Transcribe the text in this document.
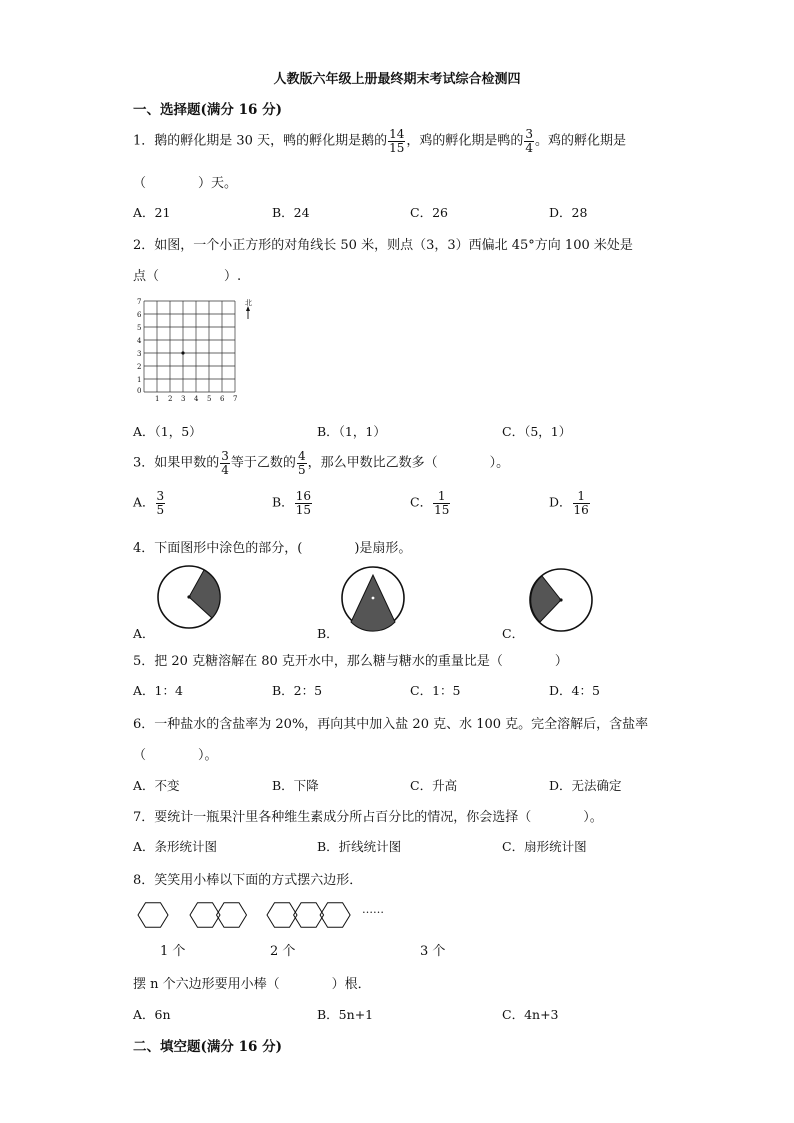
人教版六年级上册最终期末考试综合检测四
一、选择题(满分 16 分)
1．鹅的孵化期是 30 天，鸭的孵化期是鹅的 $\frac{14}{15}$ ，鸡的孵化期是鸭的 $\frac{3}{4}$ 。鸡的孵化期是
（　　　　）天。
A．21	B．24	C．26	D．28
2．如图，一个小正方形的对角线长 50 米，则点（3，3）西偏北 45°方向 100 米处是
点（　　　　　）.
0
1 2 3 4 5 6 7
1
2
3
4
5
6
7	北
A．（1，5）	B．（1，1）	C．（5，1）
3．如果甲数的 $\frac{3}{4}$ 等于乙数的 $\frac{4}{5}$ ，那么甲数比乙数多（　　　　）。
A． $\frac{3}{5}$	B． $\frac{16}{15}$	C． $\frac{1}{15}$	D． $\frac{1}{16}$
4．下面图形中涂色的部分，(　　　　)是扇形。
A．	B．	C．
5．把 20 克糖溶解在 80 克开水中，那么糖与糖水的重量比是（　　　　）
A．1：4	B．2：5	C．1：5	D．4：5
6．一种盐水的含盐率为 20%，再向其中加入盐 20 克、水 100 克。完全溶解后，含盐率
（　　　　）。
A．不变	B．下降	C．升高	D．无法确定
7．要统计一瓶果汁里各种维生素成分所占百分比的情况，你会选择（　　　　）。
A．条形统计图	B．折线统计图	C．扇形统计图
8．笑笑用小棒以下面的方式摆六边形．
……
1 个	2 个	3 个
摆 n 个六边形要用小棒（　　　　）根．
A．6n	B．5n+1	C．4n+3
二、填空题(满分 16 分)
